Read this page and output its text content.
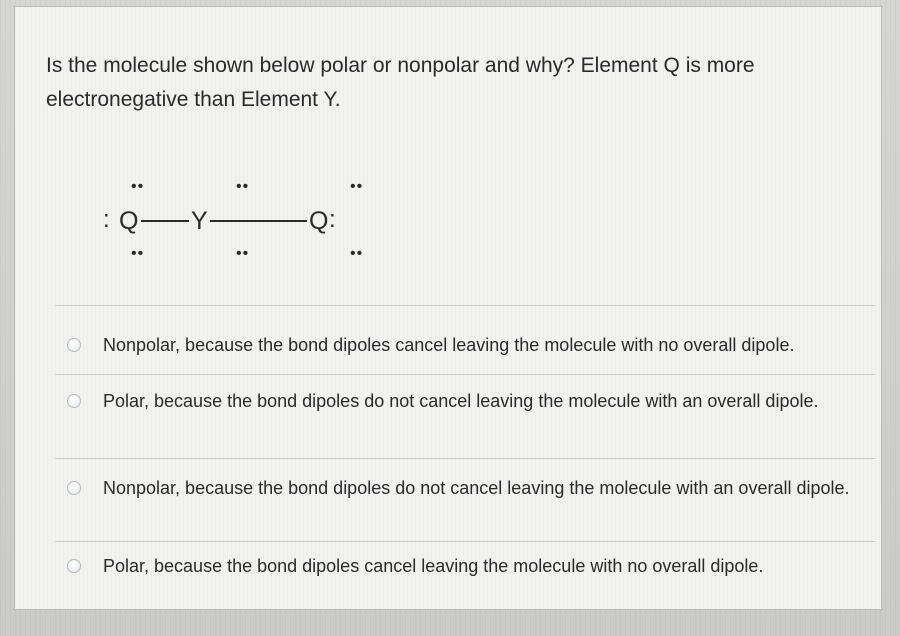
Is the molecule shown below polar or nonpolar and why? Element Q is more
electronegative than Element Y.

:
••
Q
••
••
Y
••
••
Q :
••
Nonpolar, because the bond dipoles cancel leaving the molecule with no overall dipole.
Polar, because the bond dipoles do not cancel leaving the molecule with an overall dipole.
Nonpolar, because the bond dipoles do not cancel leaving the molecule with an overall dipole.
Polar, because the bond dipoles cancel leaving the molecule with no overall dipole.
